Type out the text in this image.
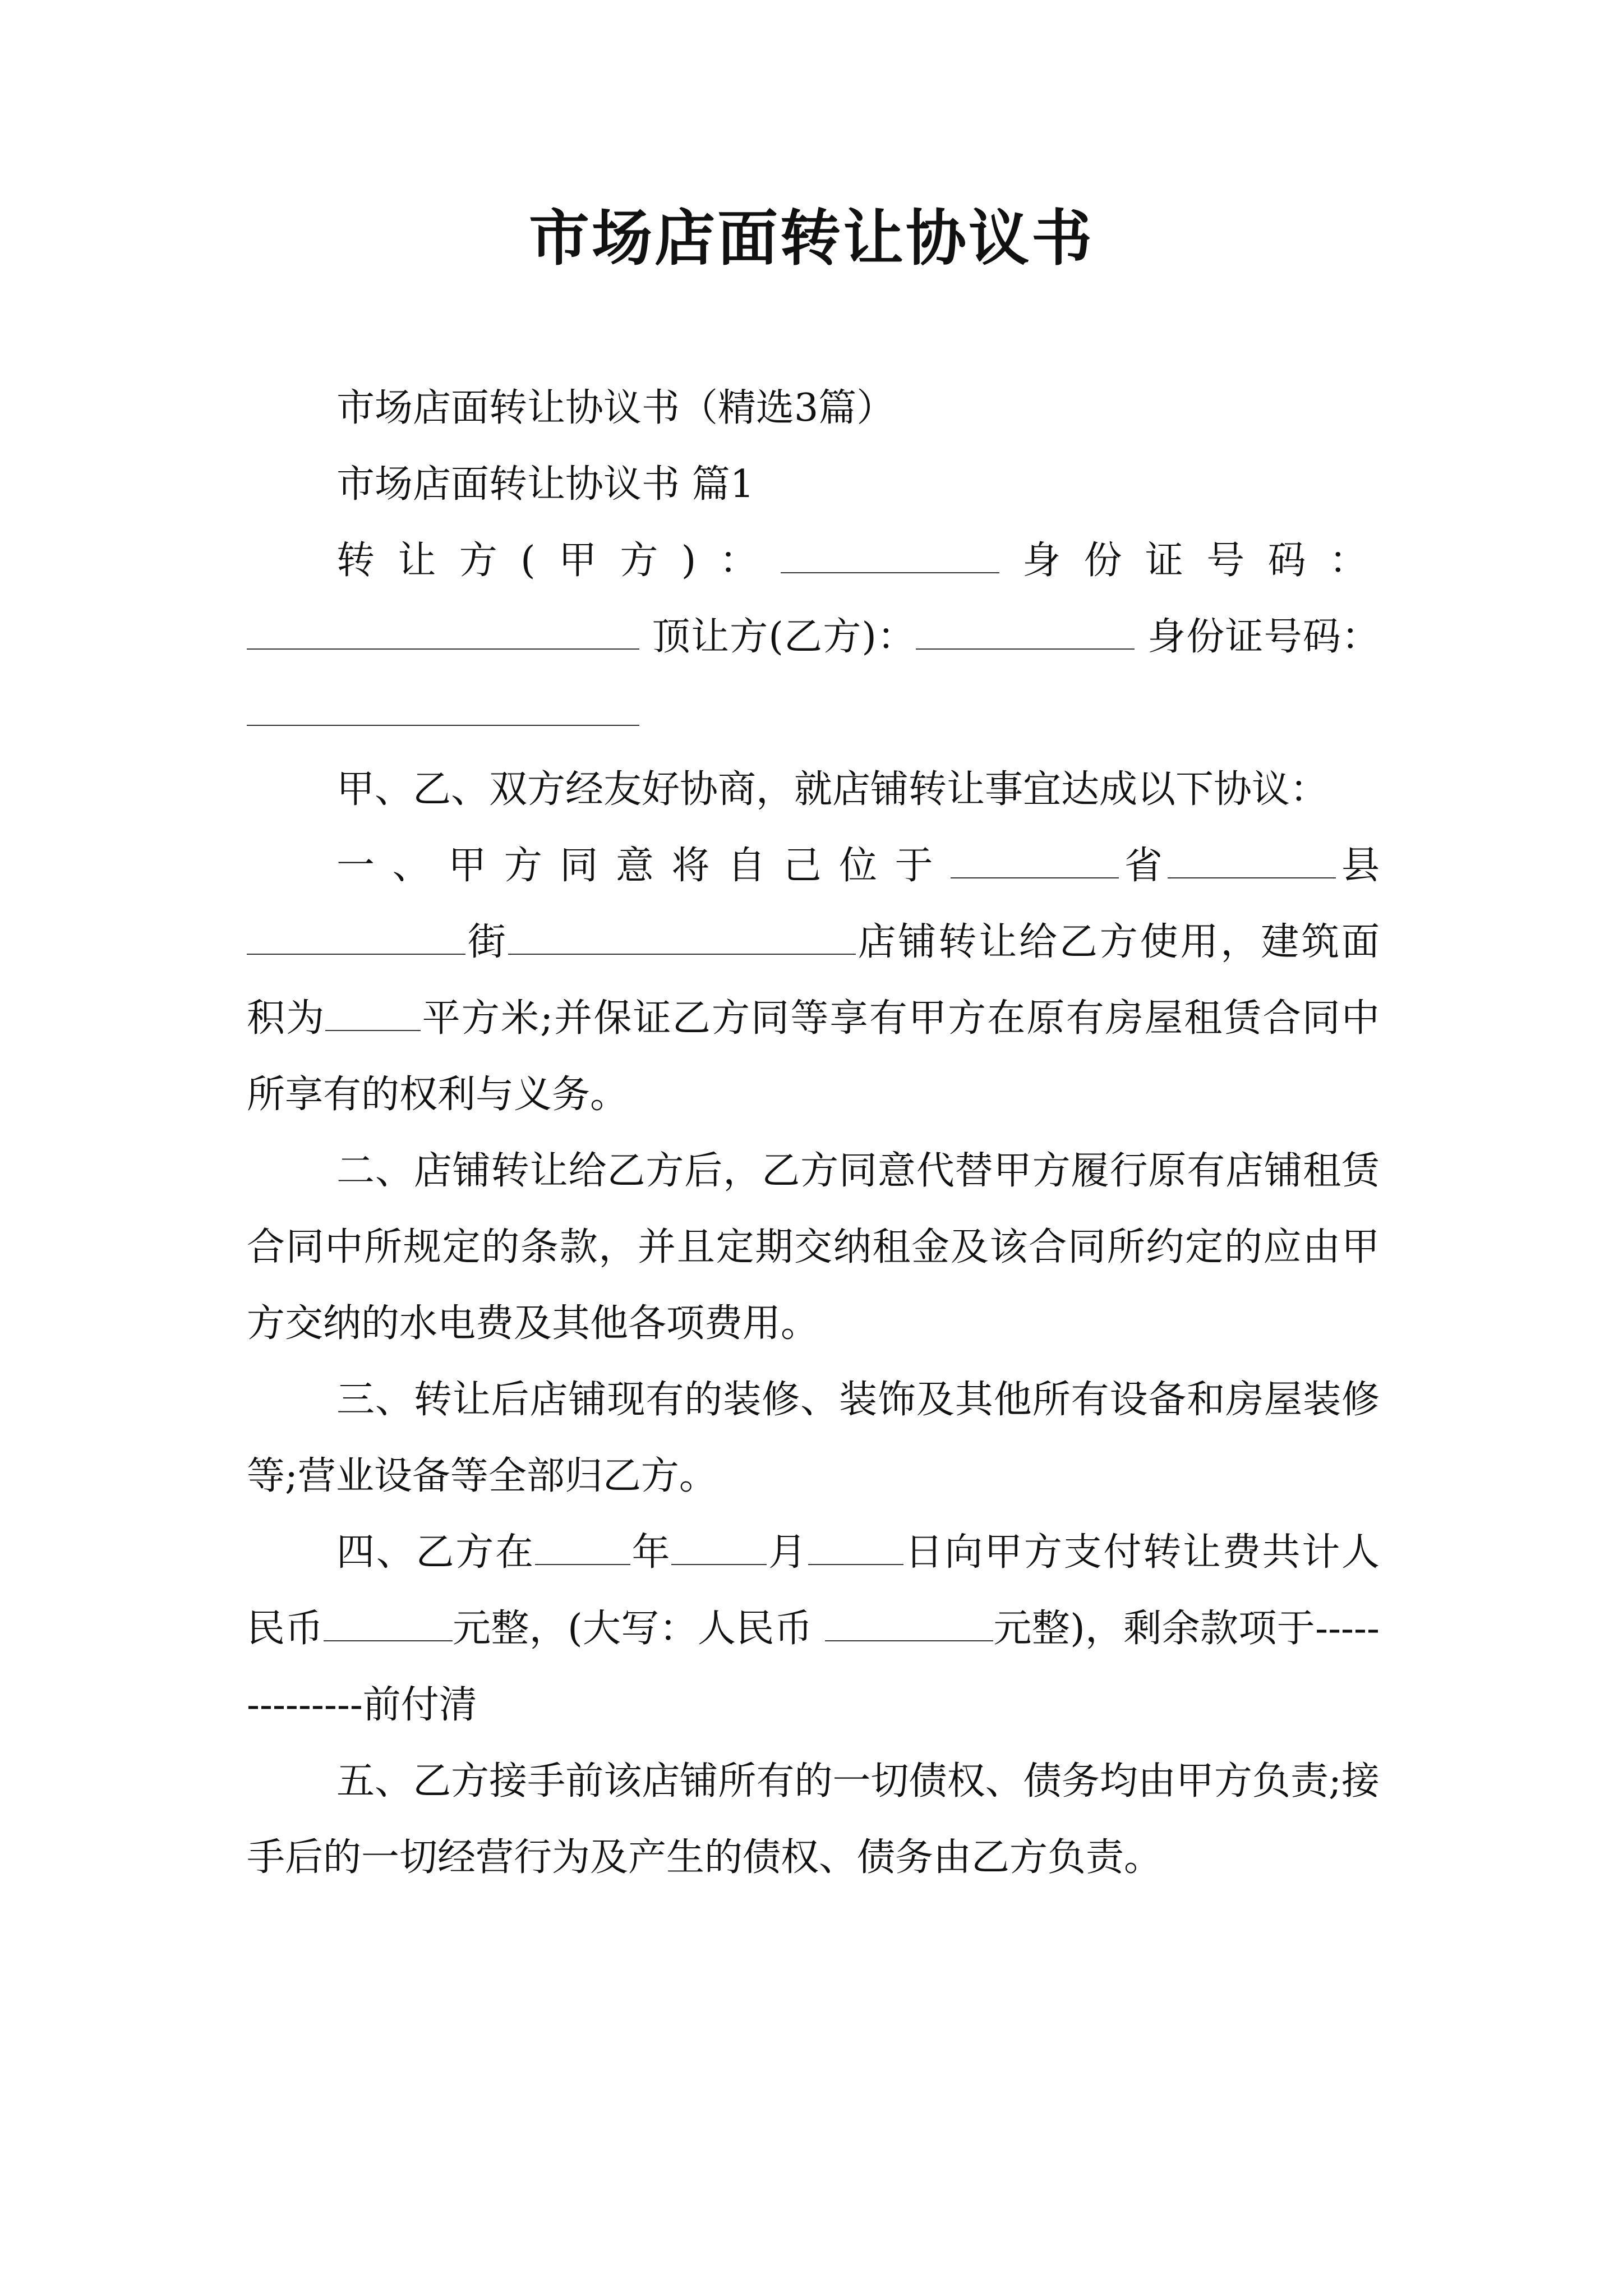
市场店面转让协议书

市场店面转让协议书（精选3篇）

市场店面转让协议书 篇1

转让方(甲方)：	身份证号码： 顶让方(乙方)：	身份证号码：

甲、乙、双方经友好协商，就店铺转让事宜达成以下协议：

一、甲方同意将自己位于	省	县街	店铺转让给乙方使用，建筑面积为	平方米;并保证乙方同等享有甲方在原有房屋租赁合同中所享有的权利与义务。

二、店铺转让给乙方后，乙方同意代替甲方履行原有店铺租赁合同中所规定的条款，并且定期交纳租金及该合同所约定的应由甲方交纳的水电费及其他各项费用。

三、转让后店铺现有的装修、装饰及其他所有设备和房屋装修等;营业设备等全部归乙方。

四、乙方在	年	月	日向甲方支付转让费共计人民币	元整，(大写：人民币	元整)，剩余款项于--------------前付清

五、乙方接手前该店铺所有的一切债权、债务均由甲方负责;接手后的一切经营行为及产生的债权、债务由乙方负责。
